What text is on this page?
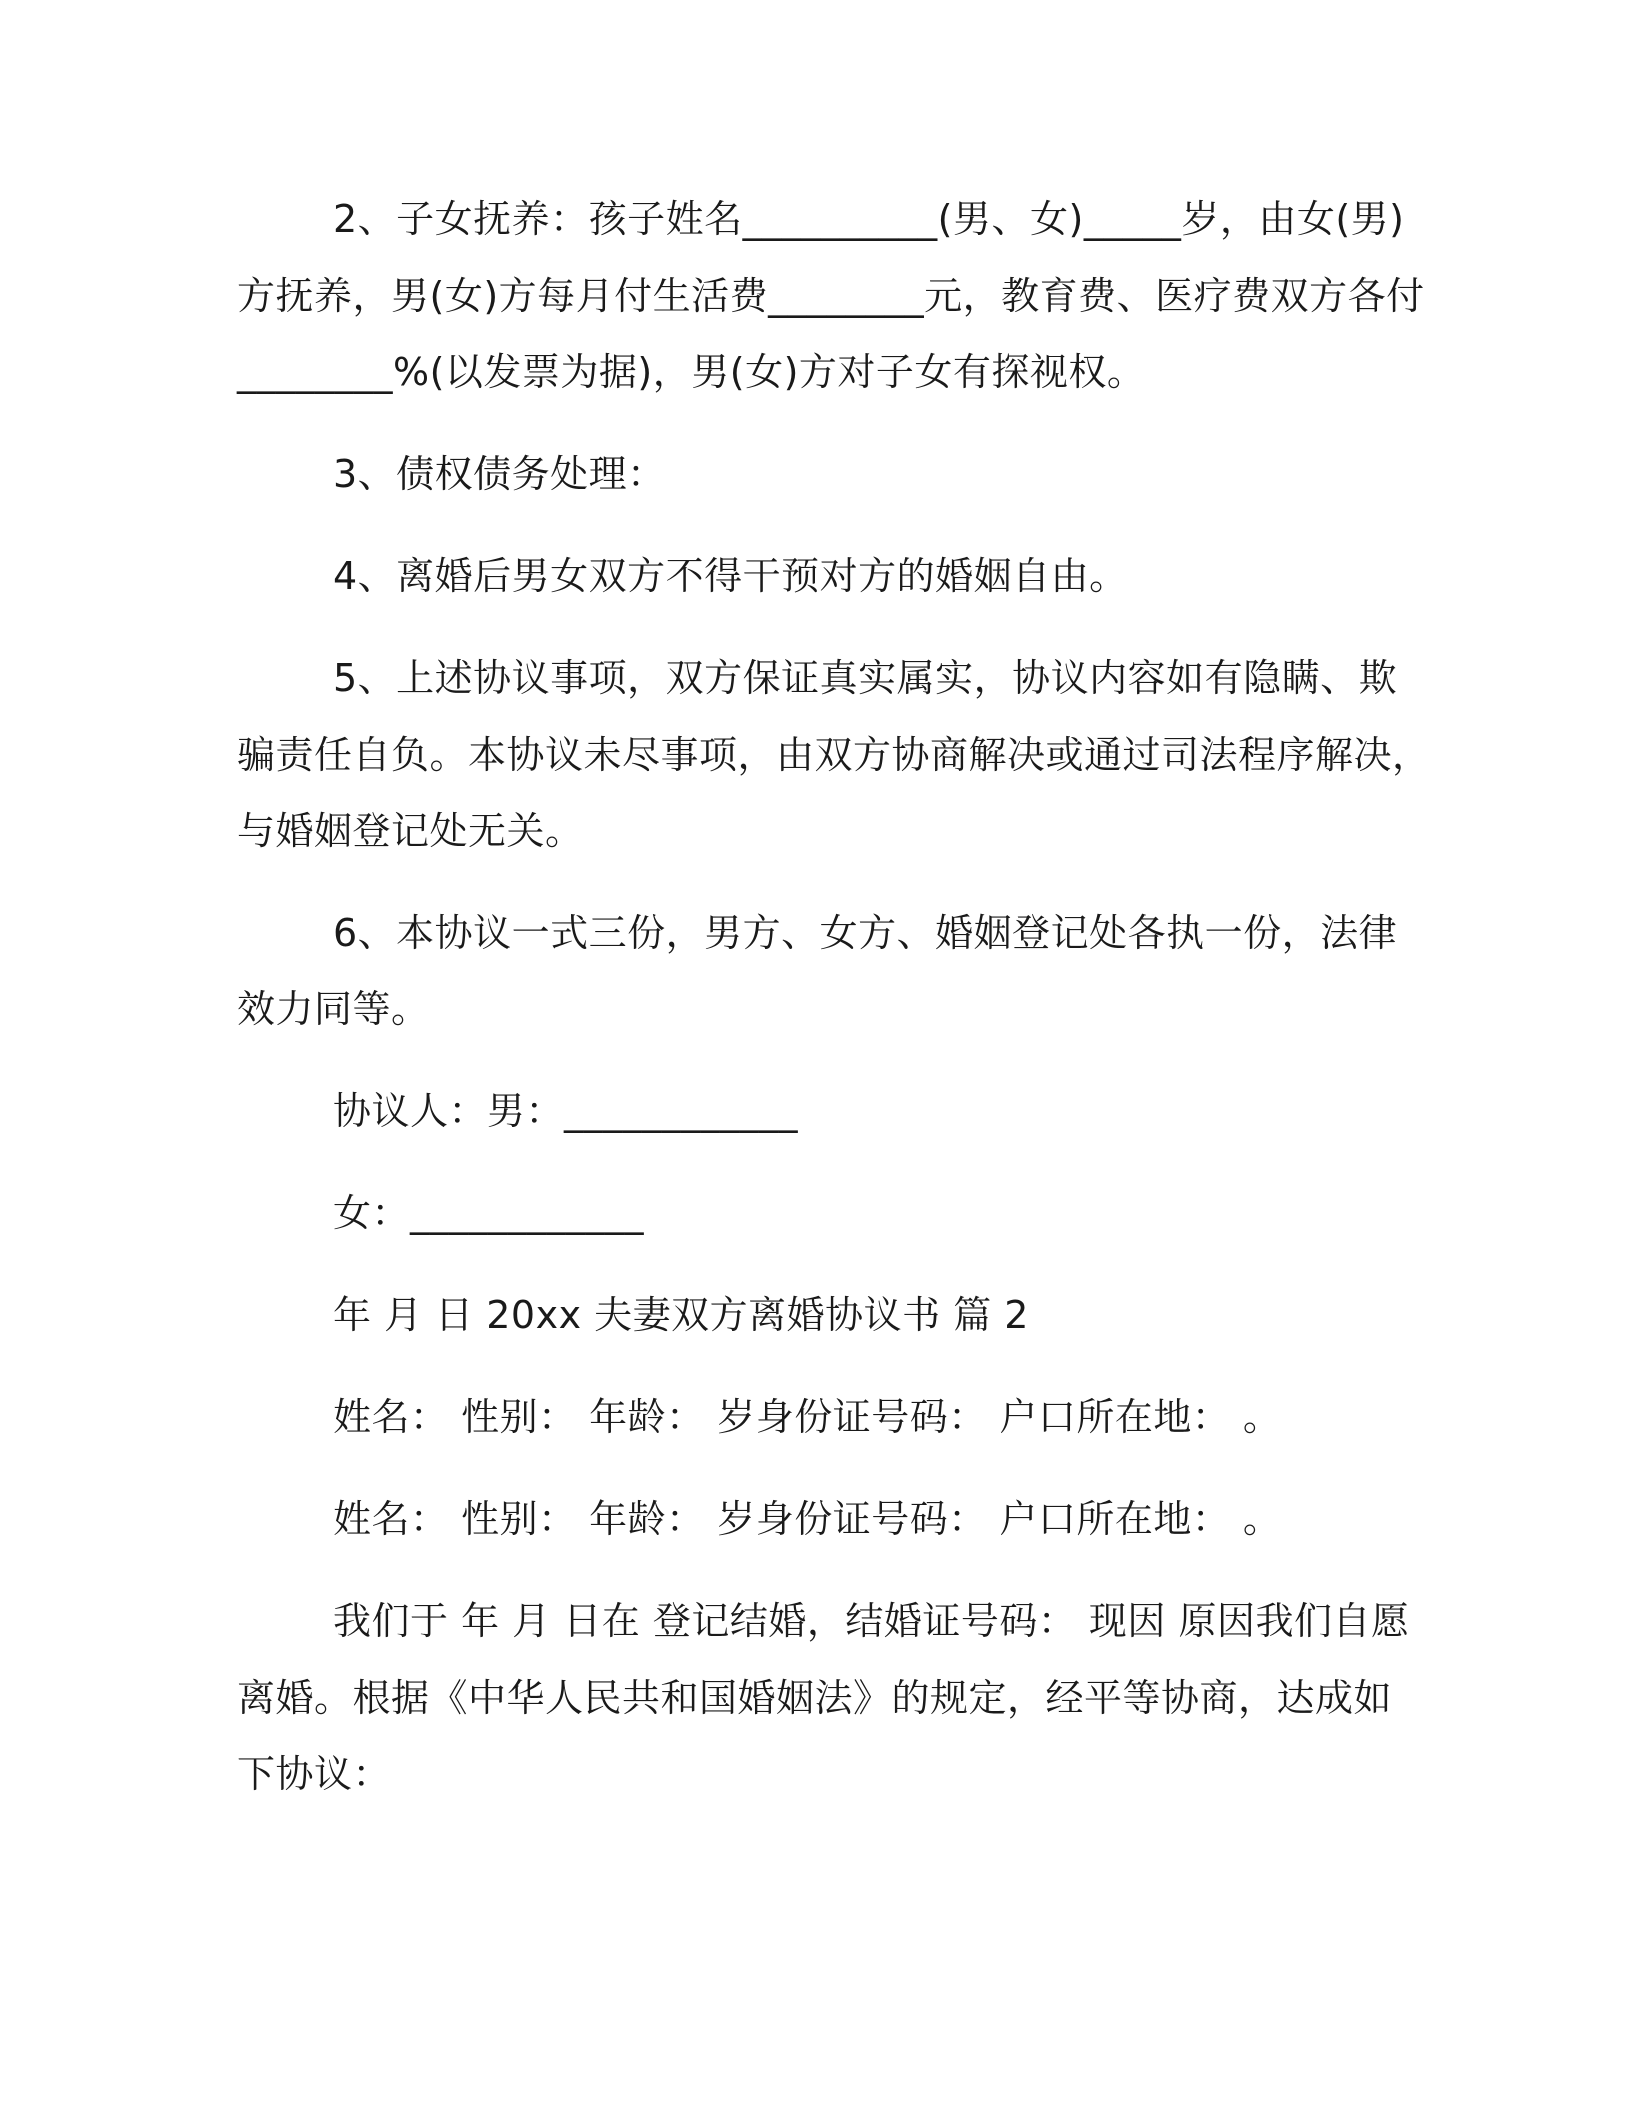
2、子女抚养：孩子姓名__________(男、女)_____岁，由女(男)
方抚养，男(女)方每月付生活费________元，教育费、医疗费双方各付
________%(以发票为据)，男(女)方对子女有探视权。
3、债权债务处理：
4、离婚后男女双方不得干预对方的婚姻自由。
5、上述协议事项，双方保证真实属实，协议内容如有隐瞒、欺
骗责任自负。本协议未尽事项，由双方协商解决或通过司法程序解决，
与婚姻登记处无关。
6、本协议一式三份，男方、女方、婚姻登记处各执一份，法律
效力同等。
协议人：男：____________
女：____________
年 月 日 20xx 夫妻双方离婚协议书 篇 2
姓名： 性别： 年龄： 岁身份证号码： 户口所在地： 。
姓名： 性别： 年龄： 岁身份证号码： 户口所在地： 。
我们于 年 月 日在 登记结婚，结婚证号码： 现因 原因我们自愿
离婚。根据《中华人民共和国婚姻法》的规定，经平等协商，达成如
下协议：
